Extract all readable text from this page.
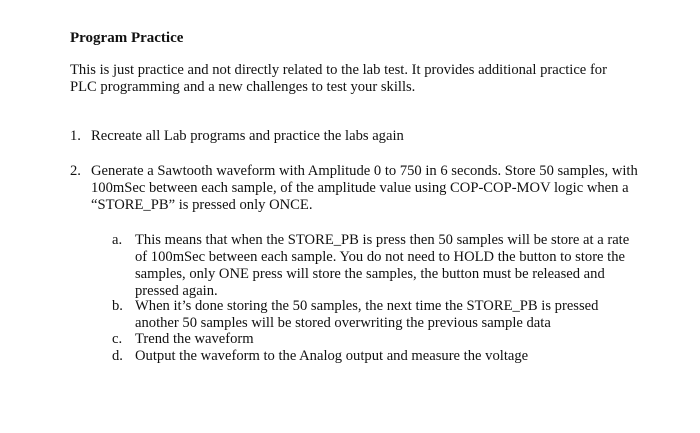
Program Practice

This is just practice and not directly related to the lab test. It provides additional practice for PLC programming and a new challenges to test your skills.

1. Recreate all Lab programs and practice the labs again
2. Generate a Sawtooth waveform with Amplitude 0 to 750 in 6 seconds. Store 50 samples, with 100mSec between each sample, of the amplitude value using COP-COP-MOV logic when a “STORE_PB” is pressed only ONCE.
a. This means that when the STORE_PB is press then 50 samples will be store at a rate of 100mSec between each sample. You do not need to HOLD the button to store the samples, only ONE press will store the samples, the button must be released and pressed again.
b. When it’s done storing the 50 samples, the next time the STORE_PB is pressed another 50 samples will be stored overwriting the previous sample data
c. Trend the waveform
d. Output the waveform to the Analog output and measure the voltage
